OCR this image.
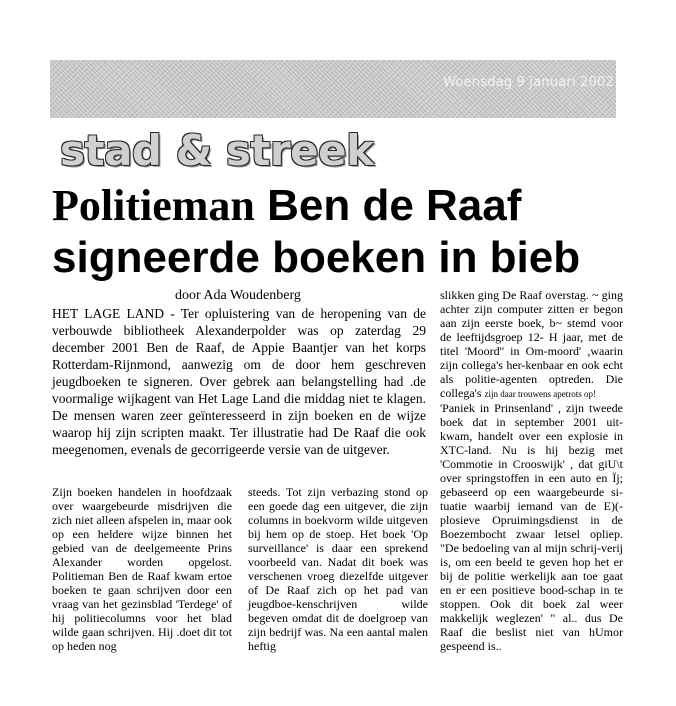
Woensdag 9 januari 2002
stad & streek
Politieman Ben de Raaf
signeerde boeken in bieb

door Ada Woudenberg

HET LAGE LAND - Ter opluistering van de heropening van de verbouwde bibliotheek Alexanderpolder was op zaterdag 29 december 2001 Ben de Raaf, de Appie Baantjer van het korps Rotterdam-Rijnmond, aanwezig om de door hem geschreven jeugdboeken te signeren. Over gebrek aan belangstelling had .de voormalige wijkagent van Het Lage Land die middag niet te klagen. De mensen waren zeer geïnteresseerd in zijn boeken en de wijze waarop hij zijn scripten maakt. Ter illustratie had De Raaf die ook meegenomen, evenals de gecorrigeerde versie van de uitgever.

Zijn boeken handelen in hoofdzaak over waargebeurde misdrijven die zich niet alleen afspelen in, maar ook op een heldere wijze binnen het gebied van de deelgemeente Prins Alexander worden opgelost. Politieman Ben de Raaf kwam ertoe boeken te gaan schrijven door een vraag van het gezinsblad 'Terdege' of hij politiecolumns voor het blad wilde gaan schrijven. Hij .doet dit tot op heden nog

steeds. Tot zijn verbazing stond op een goede dag een uitgever, die zijn columns in boekvorm wilde uitgeven bij hem op de stoep. Het boek 'Op surveillance' is daar een sprekend voorbeeld van. Nadat dit boek was verschenen vroeg diezelfde uitgever of De Raaf zich op het pad van jeugdboe-kenschrijven wilde begeven omdat dit de doelgroep van zijn bedrijf was. Na een aantal malen heftig

slikken ging De Raaf overstag. ~ ging achter zijn computer zitten er begon aan zijn eerste boek, b~ stemd voor de leeftijdsgroep 12- H jaar, met de titel 'Moord'' in Om-moord' ,waarin zijn collega's her-kenbaar en ook echt als politie-agenten optreden. Die collega's zijn daar trouwens apetrots op!

'Paniek in Prinsenland' , zijn tweede boek dat in september 2001 uit-kwam, handelt over een explosie in XTC-land. Nu is hij bezig met 'Commotie in Crooswijk' , dat giU\t over springstoffen in een auto en Ïj; gebaseerd op een waargebeurde si-tuatie waarbij iemand van de E)(-plosieve Opruimingsdienst in de Boezembocht zwaar letsel opliep. "De bedoeling van al mijn schrij-verij is, om een beeld te geven hop het er bij de politie werkelijk aan toe gaat en er een positieve bood-schap in te stoppen. Ook dit boek zal weer makkelijk weglezen' " al.. dus De Raaf die beslist niet van hUmor gespeend is..
